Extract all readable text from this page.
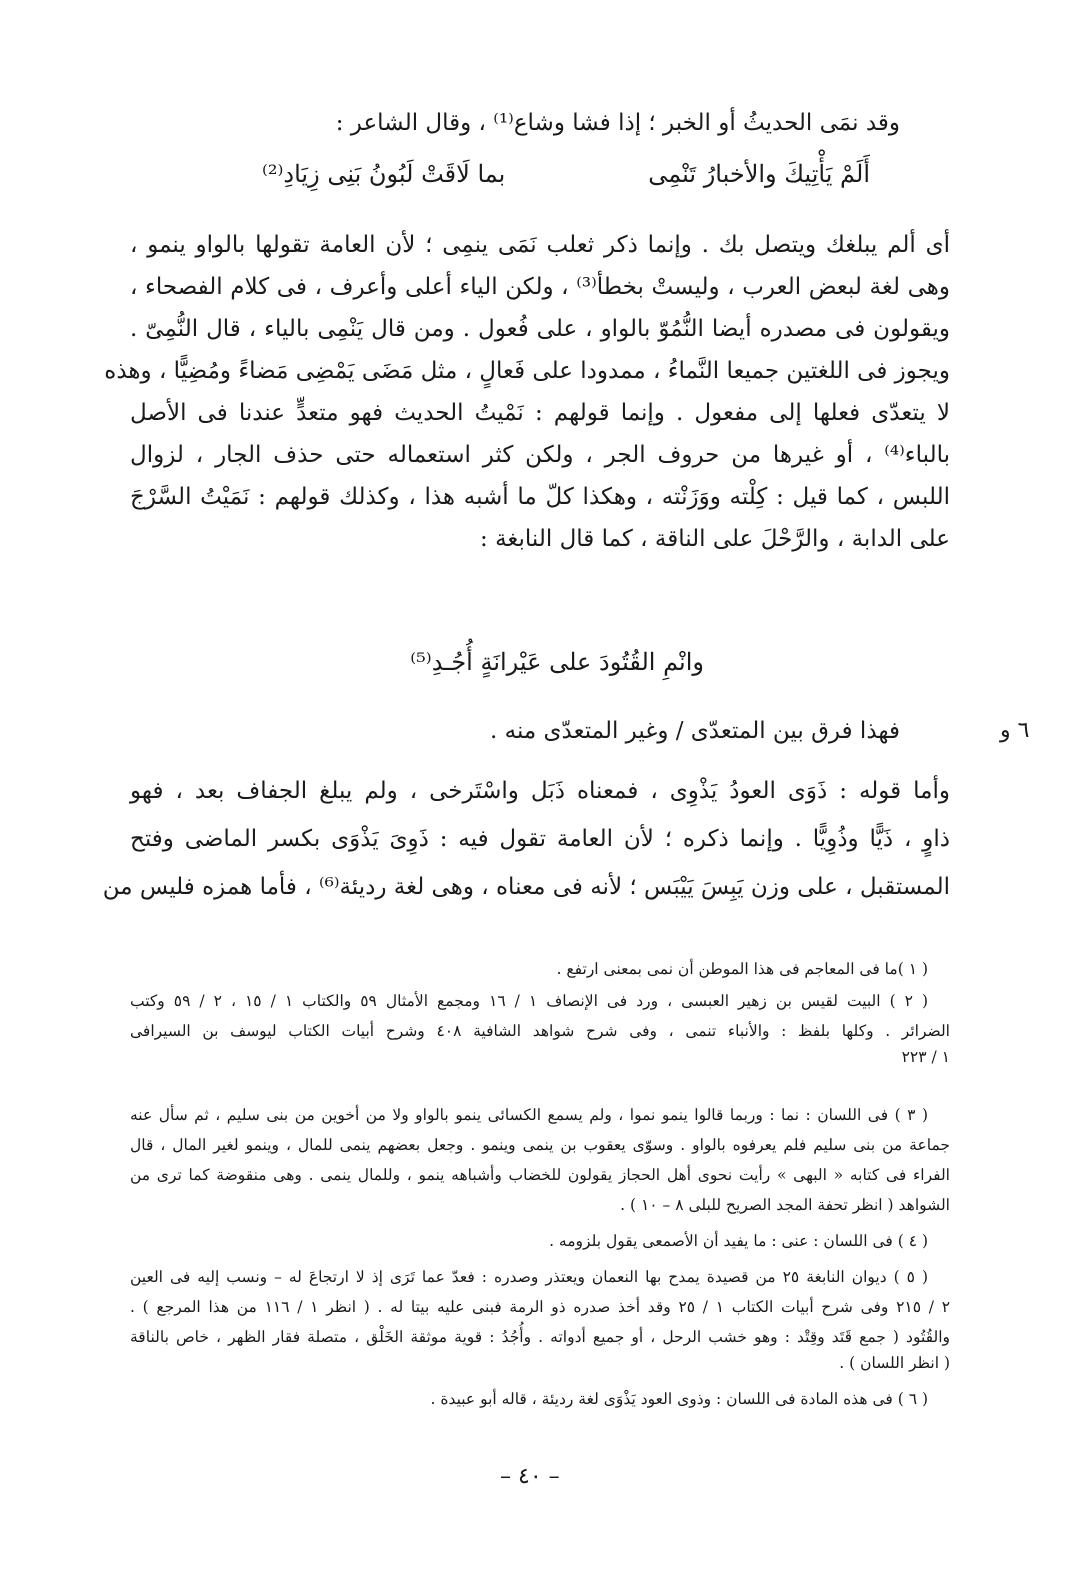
وقد نمَى الحديثُ أو الخبر ؛ إذا فشا وشاع⁽¹⁾ ، وقال الشاعر :
أَلَمْ يَأْتِيكَ والأخبارُ تَنْمِى
بما لَاقَتْ لَبُونُ بَنِى زِيَادِ⁽²⁾
أى ألم يبلغك ويتصل بك . وإنما ذكر ثعلب نَمَى ينمِى ؛ لأن العامة تقولها بالواو ينمو ،
وهى لغة لبعض العرب ، وليستْ بخطأ⁽³⁾ ، ولكن الياء أعلى وأعرف ، فى كلام الفصحاء ،
ويقولون فى مصدره أيضا النُّمُوّ بالواو ، على فُعول . ومن قال يَنْمِى بالياء ، قال النُّمِىّ .
ويجوز فى اللغتين جميعا النَّماءُ ، ممدودا على فَعالٍ ، مثل مَضَى يَمْضِى مَضاءً ومُضِيًّا ، وهذه
لا يتعدّى فعلها إلى مفعول . وإنما قولهم : نَمْيتُ الحديث فهو متعدٍّ عندنا فى الأصل
بالباء⁽⁴⁾ ، أو غيرها من حروف الجر ، ولكن كثر استعماله حتى حذف الجار ، لزوال
اللبس ، كما قيل : كِلْته ووَزَنْته ، وهكذا كلّ ما أشبه هذا ، وكذلك قولهم : نَمَيْتُ السَّرْجَ
على الدابة ، والرَّحْلَ على الناقة ، كما قال النابغة :
وانْمِ القُتُودَ على عَيْرانَةٍ أُجُـدِ⁽⁵⁾
٦ و
فهذا فرق بين المتعدّى / وغير المتعدّى منه .
وأما قوله : ذَوَى العودُ يَذْوِى ، فمعناه ذَبَل واسْتَرخى ، ولم يبلغ الجفاف بعد ، فهو
ذاوٍ ، ذَيًّا وذُوِيًّا . وإنما ذكره ؛ لأن العامة تقول فيه : ذَوِىَ يَذْوَى بكسر الماضى وفتح
المستقبل ، على وزن يَبِسَ يَيْبَس ؛ لأنه فى معناه ، وهى لغة رديئة⁽⁶⁾ ، فأما همزه فليس من
( ١ )ما فى المعاجم فى هذا الموطن أن نمى بمعنى ارتفع .
( ٢ ) البيت لقيس بن زهير العبسى ، ورد فى الإنصاف ١ / ١٦ ومجمع الأمثال ٥٩ والكتاب ١ / ١٥ ، ٢ / ٥٩ وكتب
الضرائر . وكلها بلفظ : والأنباء تنمى ، وفى شرح شواهد الشافية ٤٠٨ وشرح أبيات الكتاب ليوسف بن السيرافى
١ / ٢٢٣
( ٣ ) فى اللسان : نما : وربما قالوا ينمو نموا ، ولم يسمع الكسائى ينمو بالواو ولا من أخوين من بنى سليم ، ثم سأل عنه
جماعة من بنى سليم فلم يعرفوه بالواو . وسوّى يعقوب بن ينمى وينمو . وجعل بعضهم ينمى للمال ، وينمو لغير المال ، قال
الفراء فى كتابه « البهى » رأيت نحوى أهل الحجاز يقولون للخضاب وأشباهه ينمو ، وللمال ينمى . وهى منقوضة كما ترى من
الشواهد ( انظر تحفة المجد الصريح للبلى ٨ – ١٠ ) .
( ٤ ) فى اللسان : عنى : ما يفيد أن الأصمعى يقول بلزومه .
( ٥ ) ديوان النابغة ٢٥ من قصيدة يمدح بها النعمان ويعتذر وصدره : فعدّ عما تَرَى إذ لا ارتجاعَ له – ونسب إليه فى العين
٢ / ٢١٥ وفى شرح أبيات الكتاب ١ / ٢٥ وقد أخذ صدره ذو الرمة فبنى عليه بيتا له . ( انظر ١ / ١١٦ من هذا المرجع ) .
والقُتُود ( جمع قَتَد وقِتْد : وهو خشب الرحل ، أو جميع أدواته . وأُجُدُ : قوية موثقة الخَلْق ، متصلة فقار الظهر ، خاص بالناقة
( انظر اللسان ) .
( ٦ ) فى هذه المادة فى اللسان : وذوى العود يَذْوَى لغة رديئة ، قاله أبو عبيدة .
– ٤٠ –
